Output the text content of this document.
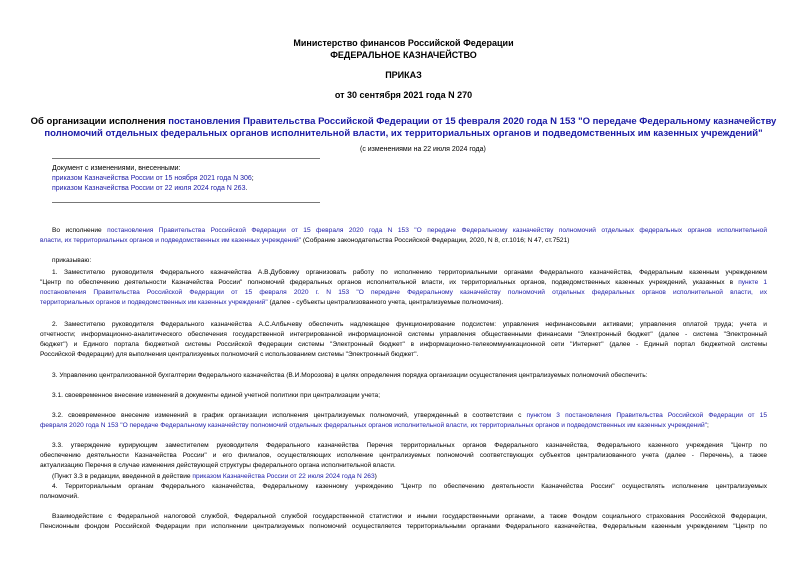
Министерство финансов Российской Федерации
ФЕДЕРАЛЬНОЕ КАЗНАЧЕЙСТВО
ПРИКАЗ
от 30 сентября 2021 года N 270
Об организации исполнения постановления Правительства Российской Федерации от 15 февраля 2020 года N 153 "О передаче Федеральному казначейству
полномочий отдельных федеральных органов исполнительной власти, их территориальных органов и подведомственных им казенных учреждений"
(с изменениями на 22 июля 2024 года)
Документ с изменениями, внесенными:
приказом Казначейства России от 15 ноября 2021 года N 306;
приказом Казначейства России от 22 июля 2024 года N 263.
Во исполнение постановления Правительства Российской Федерации от 15 февраля 2020 года N 153 "О передаче Федеральному казначейству полномочий отдельных федеральных органов исполнительной
власти, их территориальных органов и подведомственных им казенных учреждений" (Собрание законодательства Российской Федерации, 2020, N 8, ст.1016; N 47, ст.7521)
приказываю:
1. Заместителю руководителя Федерального казначейства А.В.Дубовику организовать работу по исполнению территориальными органами Федерального казначейства, Федеральным казенным учреждением
"Центр по обеспечению деятельности Казначейства России" полномочий федеральных органов исполнительной власти, их территориальных органов, подведомственных казенных учреждений, указанных в пункте 1
постановления Правительства Российской Федерации от 15 февраля 2020 г. N 153 "О передаче Федеральному казначейству полномочий отдельных федеральных органов исполнительной власти, их
территориальных органов и подведомственных им казенных учреждений" (далее - субъекты централизованного учета, централизуемые полномочия).
2. Заместителю руководителя Федерального казначейства А.С.Албычеву обеспечить надлежащее функционирование подсистем: управления нефинансовыми активами; управления оплатой труда; учета и
отчетности; информационно-аналитического обеспечения государственной интегрированной информационной системы управления общественными финансами "Электронный бюджет" (далее - система "Электронный
бюджет") и Единого портала бюджетной системы Российской Федерации системы "Электронный бюджет" в информационно-телекоммуникационной сети "Интернет" (далее - Единый портал бюджетной системы
Российской Федерации) для выполнения централизуемых полномочий с использованием системы "Электронный бюджет".
3. Управлению централизованной бухгалтерии Федерального казначейства (В.И.Морозова) в целях определения порядка организации осуществления централизуемых полномочий обеспечить:
3.1. своевременное внесение изменений в документы единой учетной политики при централизации учета;
3.2. своевременное внесение изменений в график организации исполнения централизуемых полномочий, утвержденный в соответствии с пунктом 3 постановления Правительства Российской Федерации от 15
февраля 2020 года N 153 "О передаче Федеральному казначейству полномочий отдельных федеральных органов исполнительной власти, их территориальных органов и подведомственных им казенных учреждений";
3.3. утверждение курирующим заместителем руководителя Федерального казначейства Перечня территориальных органов Федерального казначейства, Федерального казенного учреждения "Центр по
обеспечению деятельности Казначейства России" и его филиалов, осуществляющих исполнение централизуемых полномочий соответствующих субъектов централизованного учета (далее - Перечень), а также
актуализацию Перечня в случае изменения действующей структуры федерального органа исполнительной власти.
(Пункт 3.3 в редакции, введенной в действие приказом Казначейства России от 22 июля 2024 года N 263)
4. Территориальным органам Федерального казначейства, Федеральному казенному учреждению "Центр по обеспечению деятельности Казначейства России" осуществлять исполнение централизуемых
полномочий.
Взаимодействие с Федеральной налоговой службой, Федеральной службой государственной статистики и иными государственными органами, а также Фондом социального страхования Российской Федерации,
Пенсионным фондом Российской Федерации при исполнении централизуемых полномочий осуществляется территориальными органами Федерального казначейства, Федеральным казенным учреждением "Центр по
